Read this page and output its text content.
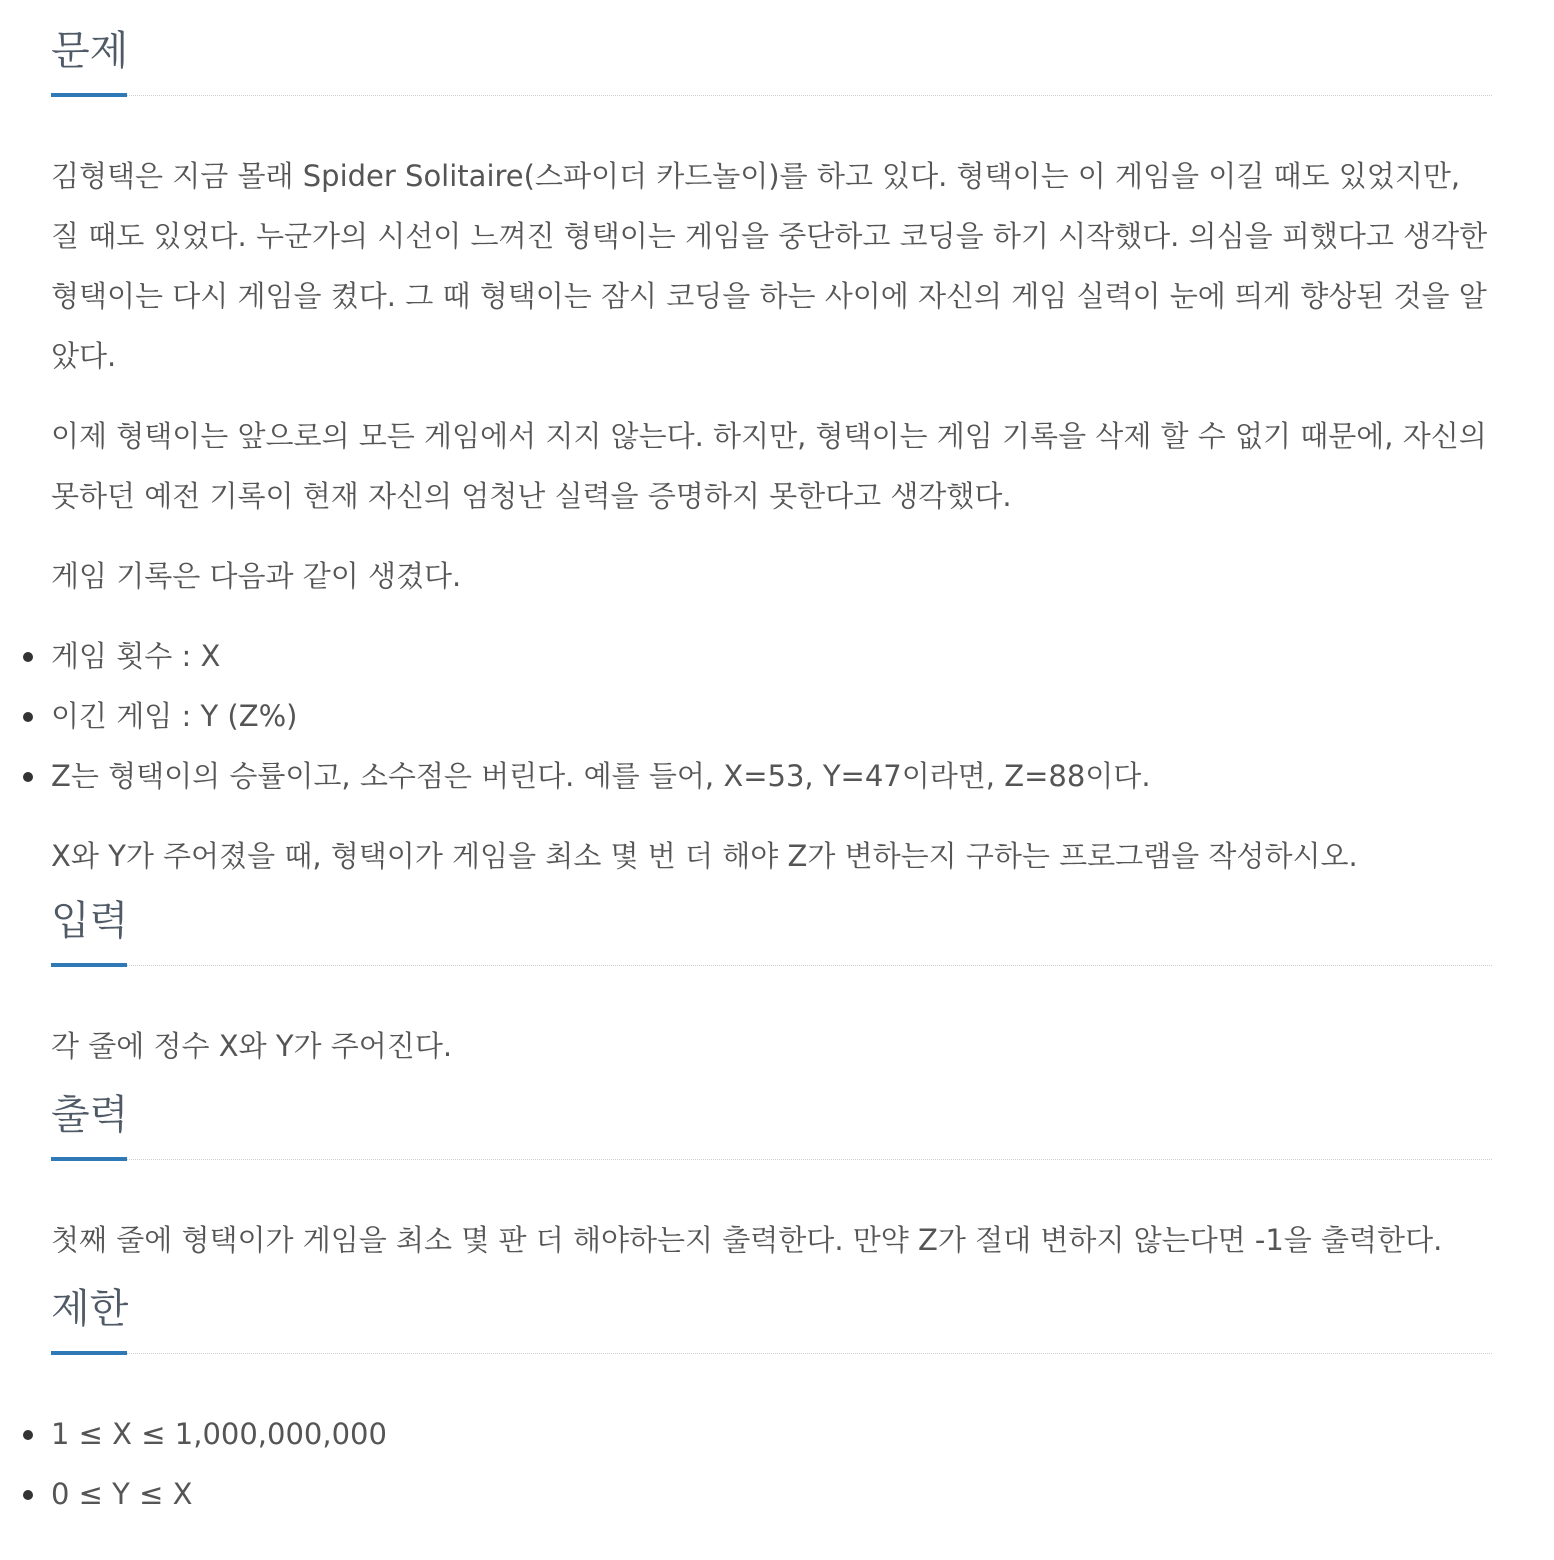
문제

김형택은 지금 몰래 Spider Solitaire(스파이더 카드놀이)를 하고 있다. 형택이는 이 게임을 이길 때도 있었지만, 질 때도 있었다. 누군가의 시선이 느껴진 형택이는 게임을 중단하고 코딩을 하기 시작했다. 의심을 피했다고 생각한 형택이는 다시 게임을 켰다. 그 때 형택이는 잠시 코딩을 하는 사이에 자신의 게임 실력이 눈에 띄게 향상된 것을 알았다.

이제 형택이는 앞으로의 모든 게임에서 지지 않는다. 하지만, 형택이는 게임 기록을 삭제 할 수 없기 때문에, 자신의 못하던 예전 기록이 현재 자신의 엄청난 실력을 증명하지 못한다고 생각했다.

게임 기록은 다음과 같이 생겼다.

게임 횟수 : X
이긴 게임 : Y (Z%)
Z는 형택이의 승률이고, 소수점은 버린다. 예를 들어, X=53, Y=47이라면, Z=88이다.

X와 Y가 주어졌을 때, 형택이가 게임을 최소 몇 번 더 해야 Z가 변하는지 구하는 프로그램을 작성하시오.

입력

각 줄에 정수 X와 Y가 주어진다.

출력

첫째 줄에 형택이가 게임을 최소 몇 판 더 해야하는지 출력한다. 만약 Z가 절대 변하지 않는다면 -1을 출력한다.

제한
1 ≤ X ≤ 1,000,000,000
0 ≤ Y ≤ X
